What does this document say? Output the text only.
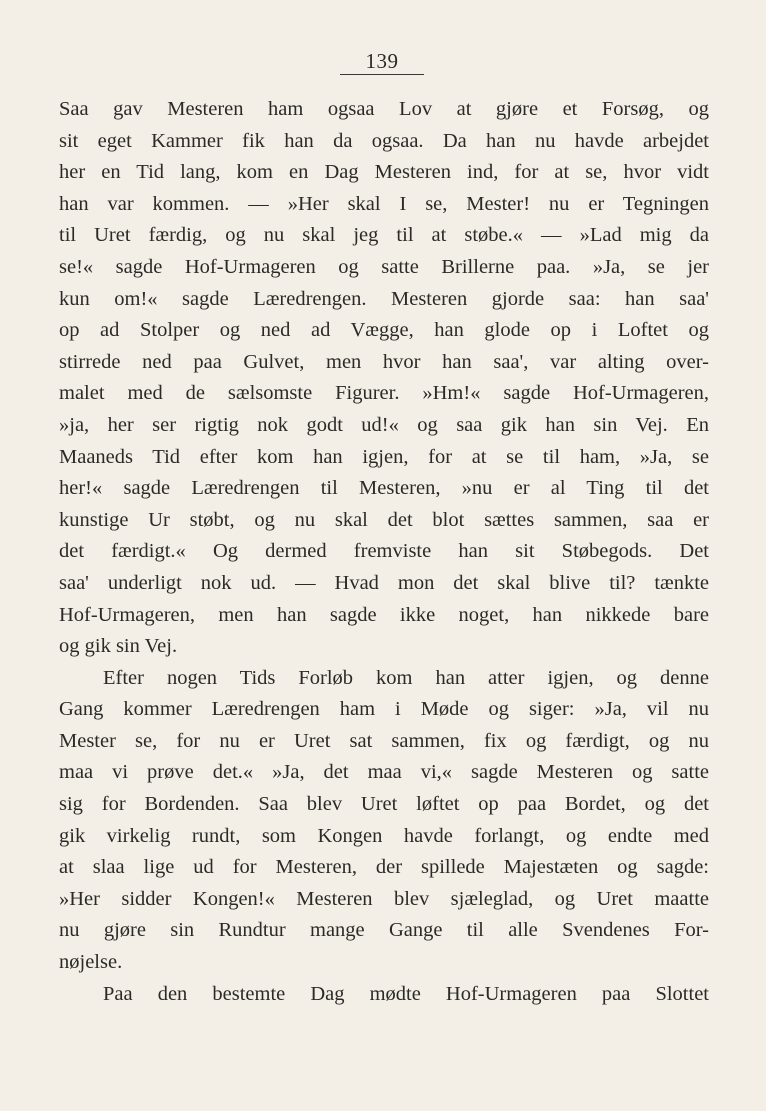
139
Saa gav Mesteren ham ogsaa Lov at gjøre et Forsøg, og
sit eget Kammer fik han da ogsaa. Da han nu havde arbejdet
her en Tid lang, kom en Dag Mesteren ind, for at se, hvor vidt
han var kommen. — »Her skal I se, Mester! nu er Tegningen
til Uret færdig, og nu skal jeg til at støbe.« — »Lad mig da
se!« sagde Hof-Urmageren og satte Brillerne paa. »Ja, se jer
kun om!« sagde Læredrengen. Mesteren gjorde saa: han saa'
op ad Stolper og ned ad Vægge, han glode op i Loftet og
stirrede ned paa Gulvet, men hvor han saa', var alting over-
malet med de sælsomste Figurer. »Hm!« sagde Hof-Urmageren,
»ja, her ser rigtig nok godt ud!« og saa gik han sin Vej. En
Maaneds Tid efter kom han igjen, for at se til ham, »Ja, se
her!« sagde Læredrengen til Mesteren, »nu er al Ting til det
kunstige Ur støbt, og nu skal det blot sættes sammen, saa er
det færdigt.« Og dermed fremviste han sit Støbegods. Det
saa' underligt nok ud. — Hvad mon det skal blive til? tænkte
Hof-Urmageren, men han sagde ikke noget, han nikkede bare
og gik sin Vej.
Efter nogen Tids Forløb kom han atter igjen, og denne
Gang kommer Læredrengen ham i Møde og siger: »Ja, vil nu
Mester se, for nu er Uret sat sammen, fix og færdigt, og nu
maa vi prøve det.« »Ja, det maa vi,« sagde Mesteren og satte
sig for Bordenden. Saa blev Uret løftet op paa Bordet, og det
gik virkelig rundt, som Kongen havde forlangt, og endte med
at slaa lige ud for Mesteren, der spillede Majestæten og sagde:
»Her sidder Kongen!« Mesteren blev sjæleglad, og Uret maatte
nu gjøre sin Rundtur mange Gange til alle Svendenes For-
nøjelse.
Paa den bestemte Dag mødte Hof-Urmageren paa Slottet
